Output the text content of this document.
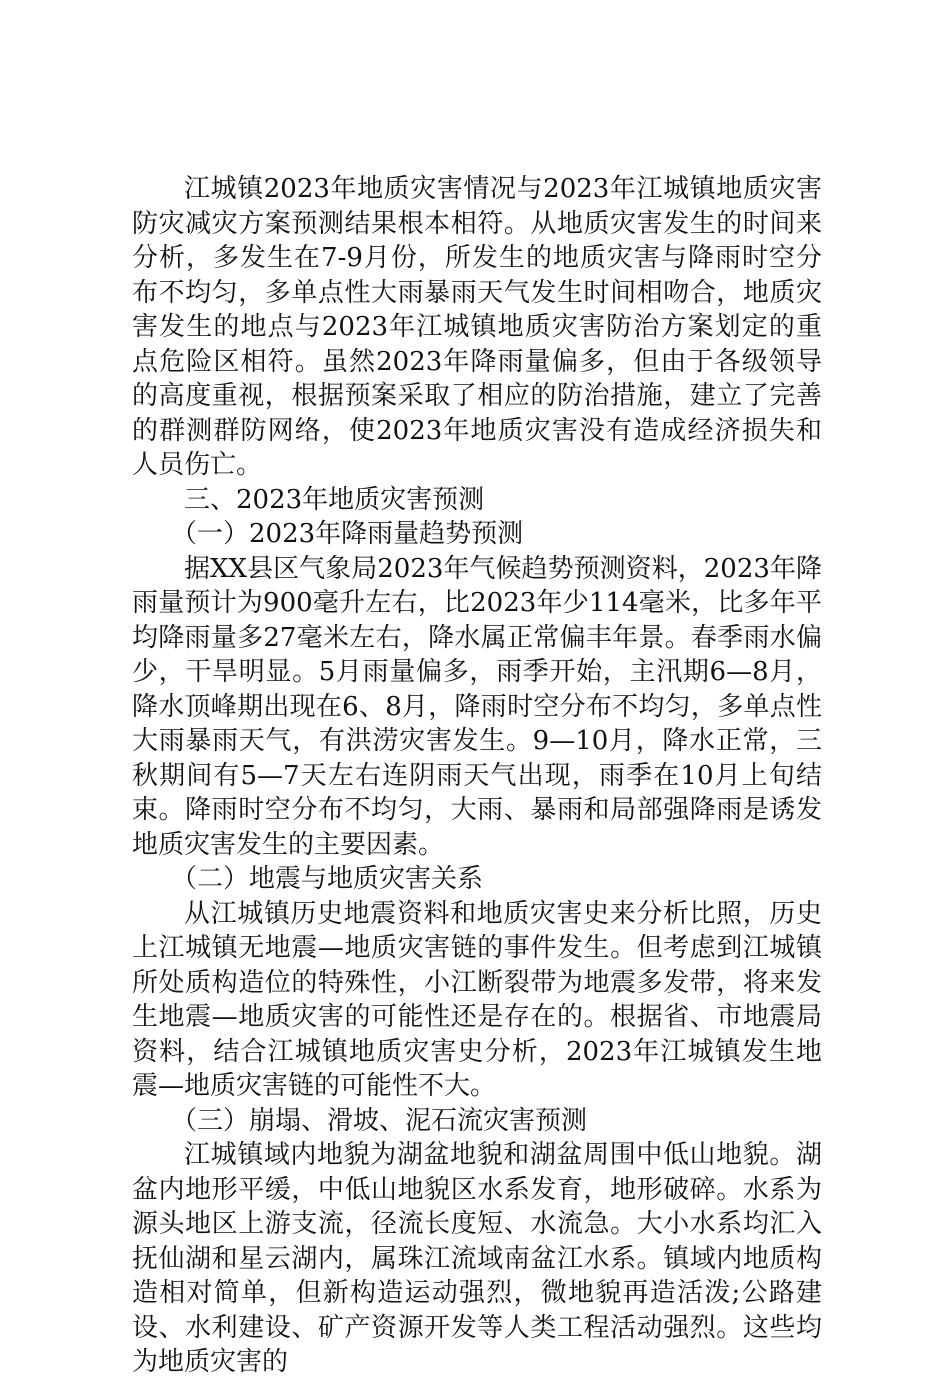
江城镇2023年地质灾害情况与2023年江城镇地质灾害防灾减灾方案预测结果根本相符。从地质灾害发生的时间来分析，多发生在7-9月份，所发生的地质灾害与降雨时空分布不均匀，多单点性大雨暴雨天气发生时间相吻合，地质灾害发生的地点与2023年江城镇地质灾害防治方案划定的重点危险区相符。虽然2023年降雨量偏多，但由于各级领导的高度重视，根据预案采取了相应的防治措施，建立了完善的群测群防网络，使2023年地质灾害没有造成经济损失和人员伤亡。

三、2023年地质灾害预测

（一）2023年降雨量趋势预测

据XX县区气象局2023年气候趋势预测资料，2023年降雨量预计为900毫升左右，比2023年少114毫米，比多年平均降雨量多27毫米左右，降水属正常偏丰年景。春季雨水偏少，干旱明显。5月雨量偏多，雨季开始，主汛期6—8月，降水顶峰期出现在6、8月，降雨时空分布不均匀，多单点性大雨暴雨天气，有洪涝灾害发生。9—10月，降水正常，三秋期间有5—7天左右连阴雨天气出现，雨季在10月上旬结束。降雨时空分布不均匀，大雨、暴雨和局部强降雨是诱发地质灾害发生的主要因素。

（二）地震与地质灾害关系

从江城镇历史地震资料和地质灾害史来分析比照，历史上江城镇无地震—地质灾害链的事件发生。但考虑到江城镇所处质构造位的特殊性，小江断裂带为地震多发带，将来发生地震—地质灾害的可能性还是存在的。根据省、市地震局资料，结合江城镇地质灾害史分析，2023年江城镇发生地震—地质灾害链的可能性不大。

（三）崩塌、滑坡、泥石流灾害预测

江城镇域内地貌为湖盆地貌和湖盆周围中低山地貌。湖盆内地形平缓，中低山地貌区水系发育，地形破碎。水系为源头地区上游支流，径流长度短、水流急。大小水系均汇入抚仙湖和星云湖内，属珠江流域南盆江水系。镇域内地质构造相对简单，但新构造运动强烈，微地貌再造活泼;公路建设、水利建设、矿产资源开发等人类工程活动强烈。这些均为地质灾害的
